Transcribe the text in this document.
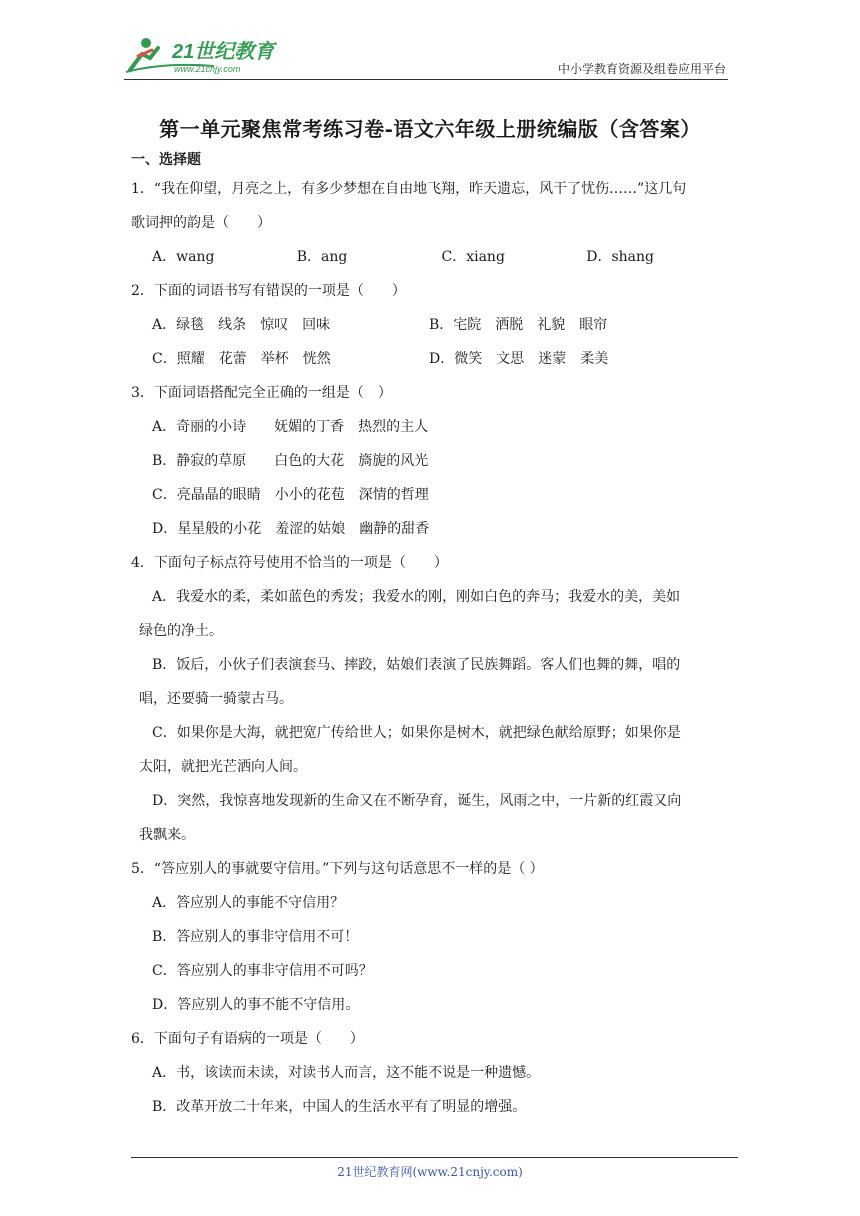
21世纪教育
www.21cnjy.com	中小学教育资源及组卷应用平台
第一单元聚焦常考练习卷-语文六年级上册统编版（含答案）
一、选择题
1．“我在仰望，月亮之上，有多少梦想在自由地飞翔，昨天遗忘，风干了忧伤……”这几句
歌词押的韵是（　　）
A．wang	B．ang	C．xiang	D．shang
2．下面的词语书写有错误的一项是（　　）
A．绿毯　线条　惊叹　回味	B．宅院　洒脱　礼貌　眼帘
C．照耀　花蕾　举杯　恍然	D．微笑　文思　迷蒙　柔美
3．下面词语搭配完全正确的一组是（　）
A．奇丽的小诗　　妩媚的丁香　热烈的主人
B．静寂的草原　　白色的大花　旖旎的风光
C．亮晶晶的眼睛　小小的花苞　深情的哲理
D．星星般的小花　羞涩的姑娘　幽静的甜香
4．下面句子标点符号使用不恰当的一项是（　　）
A．我爱水的柔，柔如蓝色的秀发；我爱水的刚，刚如白色的奔马；我爱水的美，美如
绿色的净土。
B．饭后，小伙子们表演套马、摔跤，姑娘们表演了民族舞蹈。客人们也舞的舞，唱的
唱，还要骑一骑蒙古马。
C．如果你是大海，就把宽广传给世人；如果你是树木，就把绿色献给原野；如果你是
太阳，就把光芒洒向人间。
D．突然，我惊喜地发现新的生命又在不断孕育，诞生，风雨之中，一片新的红霞又向
我飘来。
5．“答应别人的事就要守信用。”下列与这句话意思不一样的是（ ）
A．答应别人的事能不守信用？
B．答应别人的事非守信用不可！
C．答应别人的事非守信用不可吗？
D．答应别人的事不能不守信用。
6．下面句子有语病的一项是（　　）
A．书，该读而未读，对读书人而言，这不能不说是一种遗憾。
B．改革开放二十年来，中国人的生活水平有了明显的增强。
21世纪教育网(www.21cnjy.com)
